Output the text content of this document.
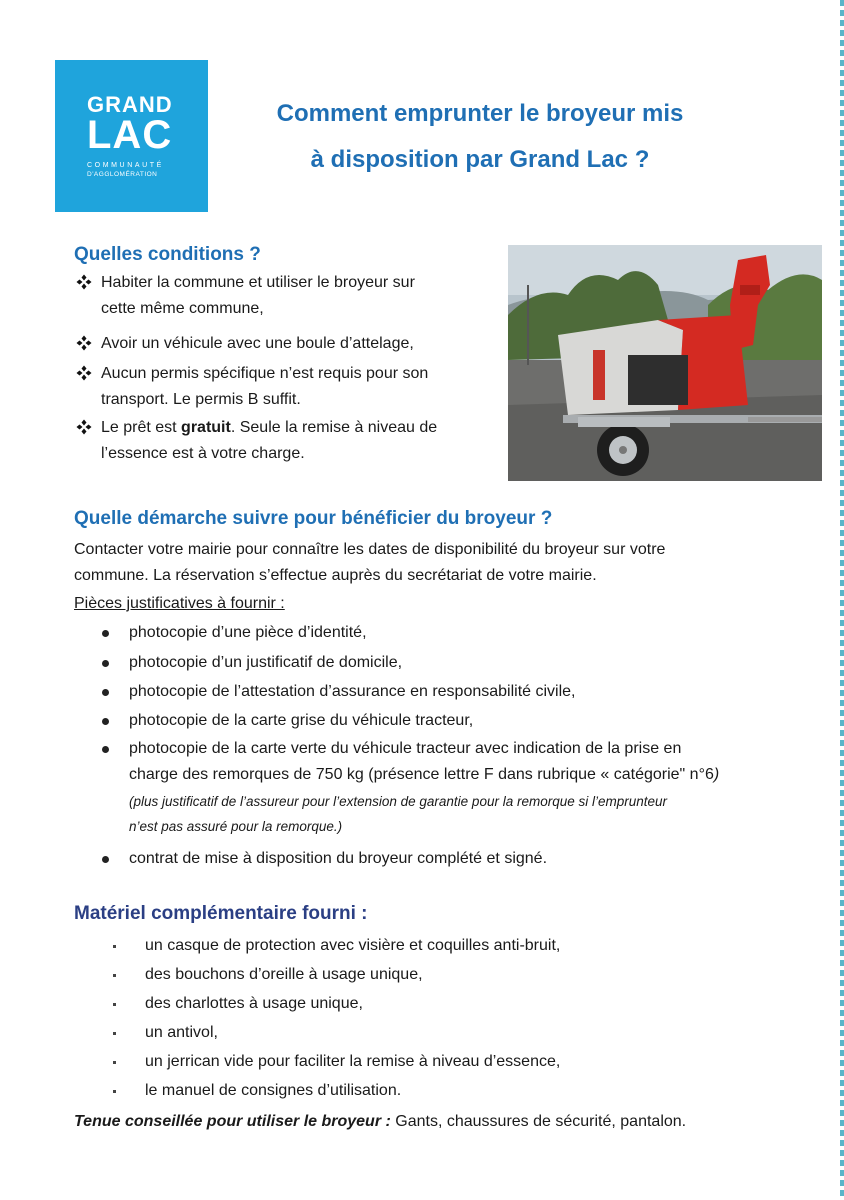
GRAND
LAC
COMMUNAUTÉ
D'AGGLOMÉRATION
Comment emprunter le broyeur mis
à disposition par Grand Lac ?
Quelles conditions ?
Habiter la commune et utiliser le broyeur sur
cette même commune,
Avoir un véhicule avec une boule d’attelage,
Aucun permis spécifique n’est requis pour son
transport. Le permis B suffit.
Le prêt est gratuit. Seule la remise à niveau de
l’essence est à votre charge.
Quelle démarche suivre pour bénéficier du broyeur ?
Contacter votre mairie pour connaître les dates de disponibilité du broyeur sur votre
commune. La réservation s’effectue auprès du secrétariat de votre mairie.
Pièces justificatives à fournir :
photocopie d’une pièce d’identité,
photocopie d’un justificatif de domicile,
photocopie de l’attestation d’assurance en responsabilité civile,
photocopie de la carte grise du véhicule tracteur,
photocopie de la carte verte du véhicule tracteur avec indication de la prise en
charge des remorques de 750 kg (présence lettre F dans rubrique « catégorie" n°6)
(plus justificatif de l’assureur pour l’extension de garantie pour la remorque si l’emprunteur
n’est pas assuré pour la remorque.)
contrat de mise à disposition du broyeur complété et signé.
Matériel complémentaire fourni :
un casque de protection avec visière et coquilles anti-bruit,
des bouchons d’oreille à usage unique,
des charlottes à usage unique,
un antivol,
un jerrican vide pour faciliter la remise à niveau d’essence,
le manuel de consignes d’utilisation.
Tenue conseillée pour utiliser le broyeur : Gants, chaussures de sécurité, pantalon.
